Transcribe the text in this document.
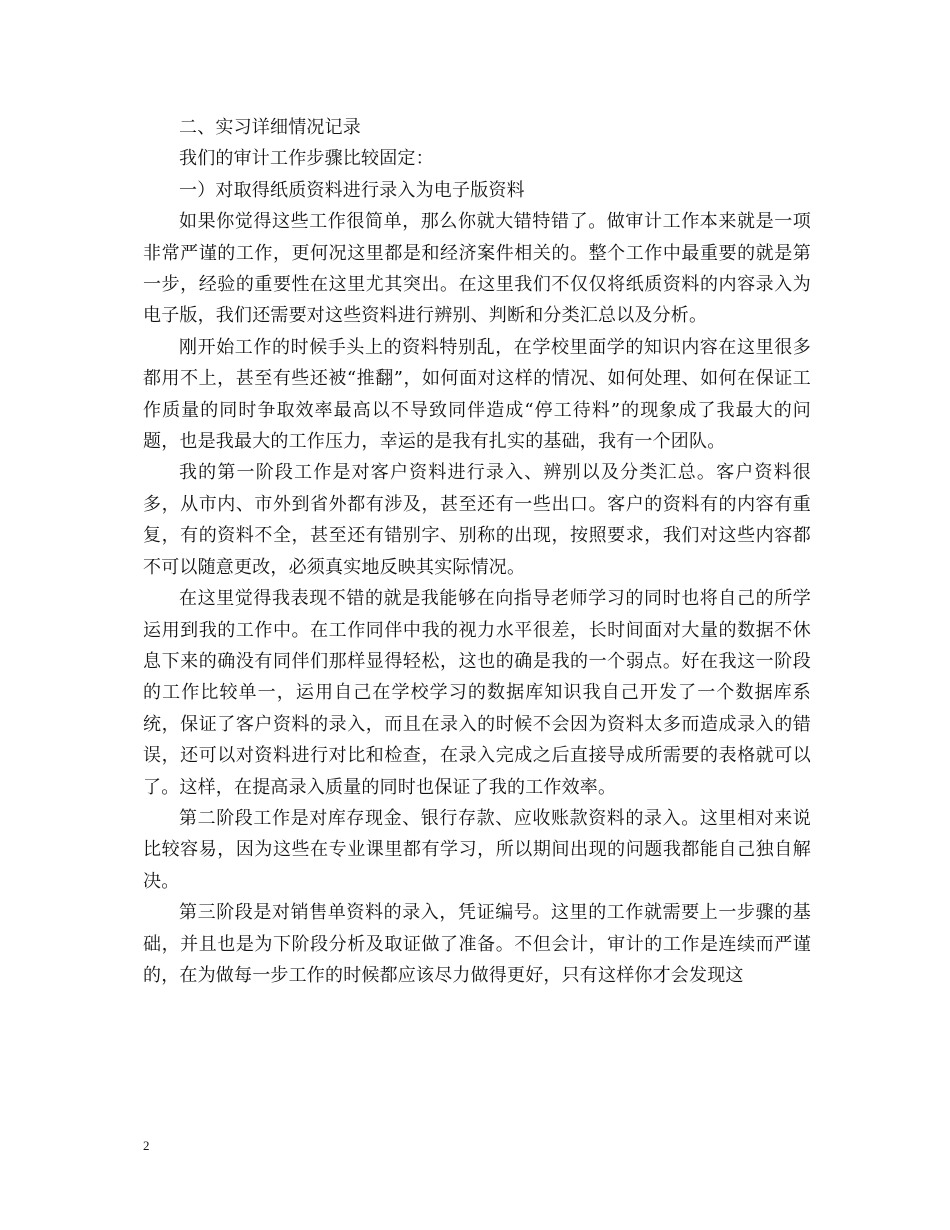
二、实习详细情况记录

我们的审计工作步骤比较固定：

一）对取得纸质资料进行录入为电子版资料

如果你觉得这些工作很简单，那么你就大错特错了。做审计工作本来就是一项非常严谨的工作，更何况这里都是和经济案件相关的。整个工作中最重要的就是第一步，经验的重要性在这里尤其突出。在这里我们不仅仅将纸质资料的内容录入为电子版，我们还需要对这些资料进行辨别、判断和分类汇总以及分析。

刚开始工作的时候手头上的资料特别乱，在学校里面学的知识内容在这里很多都用不上，甚至有些还被“推翻”，如何面对这样的情况、如何处理、如何在保证工作质量的同时争取效率最高以不导致同伴造成“停工待料”的现象成了我最大的问题，也是我最大的工作压力，幸运的是我有扎实的基础，我有一个团队。

我的第一阶段工作是对客户资料进行录入、辨别以及分类汇总。客户资料很多，从市内、市外到省外都有涉及，甚至还有一些出口。客户的资料有的内容有重复，有的资料不全，甚至还有错别字、别称的出现，按照要求，我们对这些内容都不可以随意更改，必须真实地反映其实际情况。

在这里觉得我表现不错的就是我能够在向指导老师学习的同时也将自己的所学运用到我的工作中。在工作同伴中我的视力水平很差，长时间面对大量的数据不休息下来的确没有同伴们那样显得轻松，这也的确是我的一个弱点。好在我这一阶段的工作比较单一，运用自己在学校学习的数据库知识我自己开发了一个数据库系统，保证了客户资料的录入，而且在录入的时候不会因为资料太多而造成录入的错误，还可以对资料进行对比和检查，在录入完成之后直接导成所需要的表格就可以了。这样，在提高录入质量的同时也保证了我的工作效率。

第二阶段工作是对库存现金、银行存款、应收账款资料的录入。这里相对来说比较容易，因为这些在专业课里都有学习，所以期间出现的问题我都能自己独自解决。

第三阶段是对销售单资料的录入，凭证编号。这里的工作就需要上一步骤的基础，并且也是为下阶段分析及取证做了准备。不但会计，审计的工作是连续而严谨的，在为做每一步工作的时候都应该尽力做得更好，只有这样你才会发现这

2
